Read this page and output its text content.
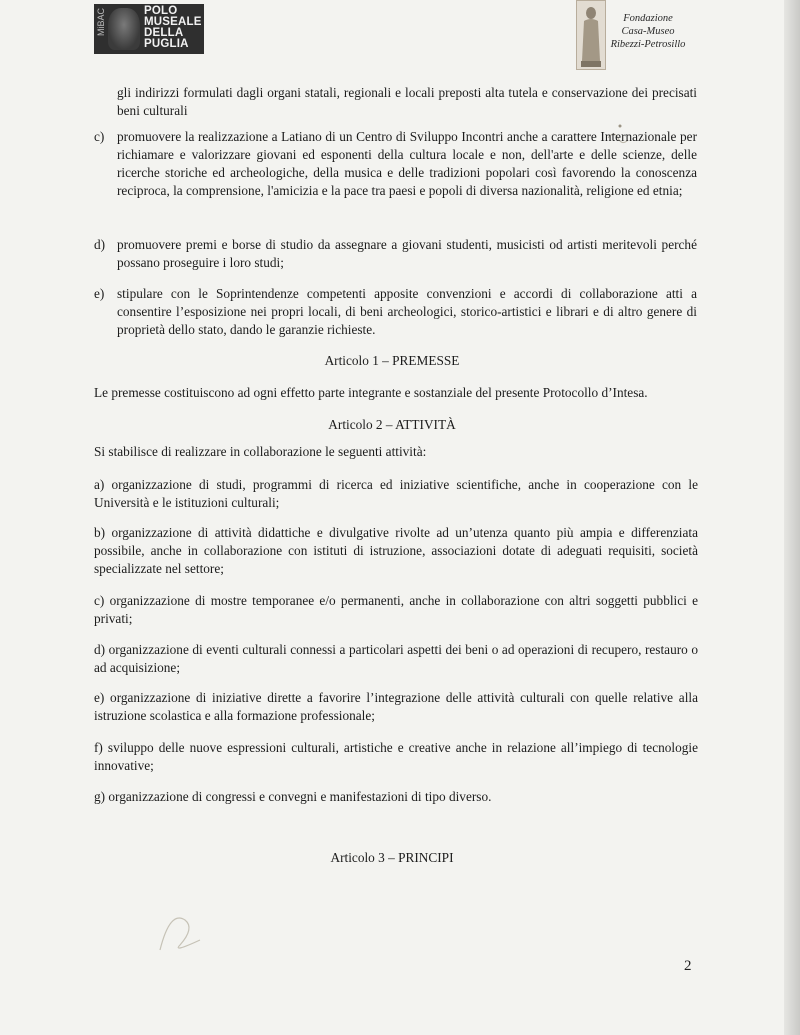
MiBAC	POLO
MUSEALE
DELLA
PUGLIA
Fondazione
Casa-Museo
Ribezzi-Petrosillo
gli indirizzi formulati dagli organi statali, regionali e locali preposti alta tutela e conservazione dei precisati beni culturali
c) promuovere la realizzazione a Latiano di un Centro di Sviluppo Incontri anche a carattere Internazionale per richiamare e valorizzare giovani ed esponenti della cultura locale e non, dell'arte e delle scienze, delle ricerche storiche ed archeologiche, della musica e delle tradizioni popolari così favorendo la conoscenza reciproca, la comprensione, l'amicizia e la pace tra paesi e popoli di diversa nazionalità, religione ed etnia;
d) promuovere premi e borse di studio da assegnare a giovani studenti, musicisti od artisti meritevoli perché possano proseguire i loro studi;
e) stipulare con le Soprintendenze competenti apposite convenzioni e accordi di collaborazione atti a consentire l’esposizione nei propri locali, di beni archeologici, storico-artistici e librari e di altro genere di proprietà dello stato, dando le garanzie richieste.
Articolo 1 – PREMESSE
Le premesse costituiscono ad ogni effetto parte integrante e sostanziale del presente Protocollo d’Intesa.
Articolo 2 – ATTIVITÀ
Si stabilisce di realizzare in collaborazione le seguenti attività:
a) organizzazione di studi, programmi di ricerca ed iniziative scientifiche, anche in cooperazione con le Università e le istituzioni culturali;
b) organizzazione di attività didattiche e divulgative rivolte ad un’utenza quanto più ampia e differenziata possibile, anche in collaborazione con istituti di istruzione, associazioni dotate di adeguati requisiti, società specializzate nel settore;
c) organizzazione di mostre temporanee e/o permanenti, anche in collaborazione con altri soggetti pubblici e privati;
d) organizzazione di eventi culturali connessi a particolari aspetti dei beni o ad operazioni di recupero, restauro o ad acquisizione;
e) organizzazione di iniziative dirette a favorire l’integrazione delle attività culturali con quelle relative alla istruzione scolastica e alla formazione professionale;
f) sviluppo delle nuove espressioni culturali, artistiche e creative anche in relazione all’impiego di tecnologie innovative;
g) organizzazione di congressi e convegni e manifestazioni di tipo diverso.
Articolo 3 – PRINCIPI
2
